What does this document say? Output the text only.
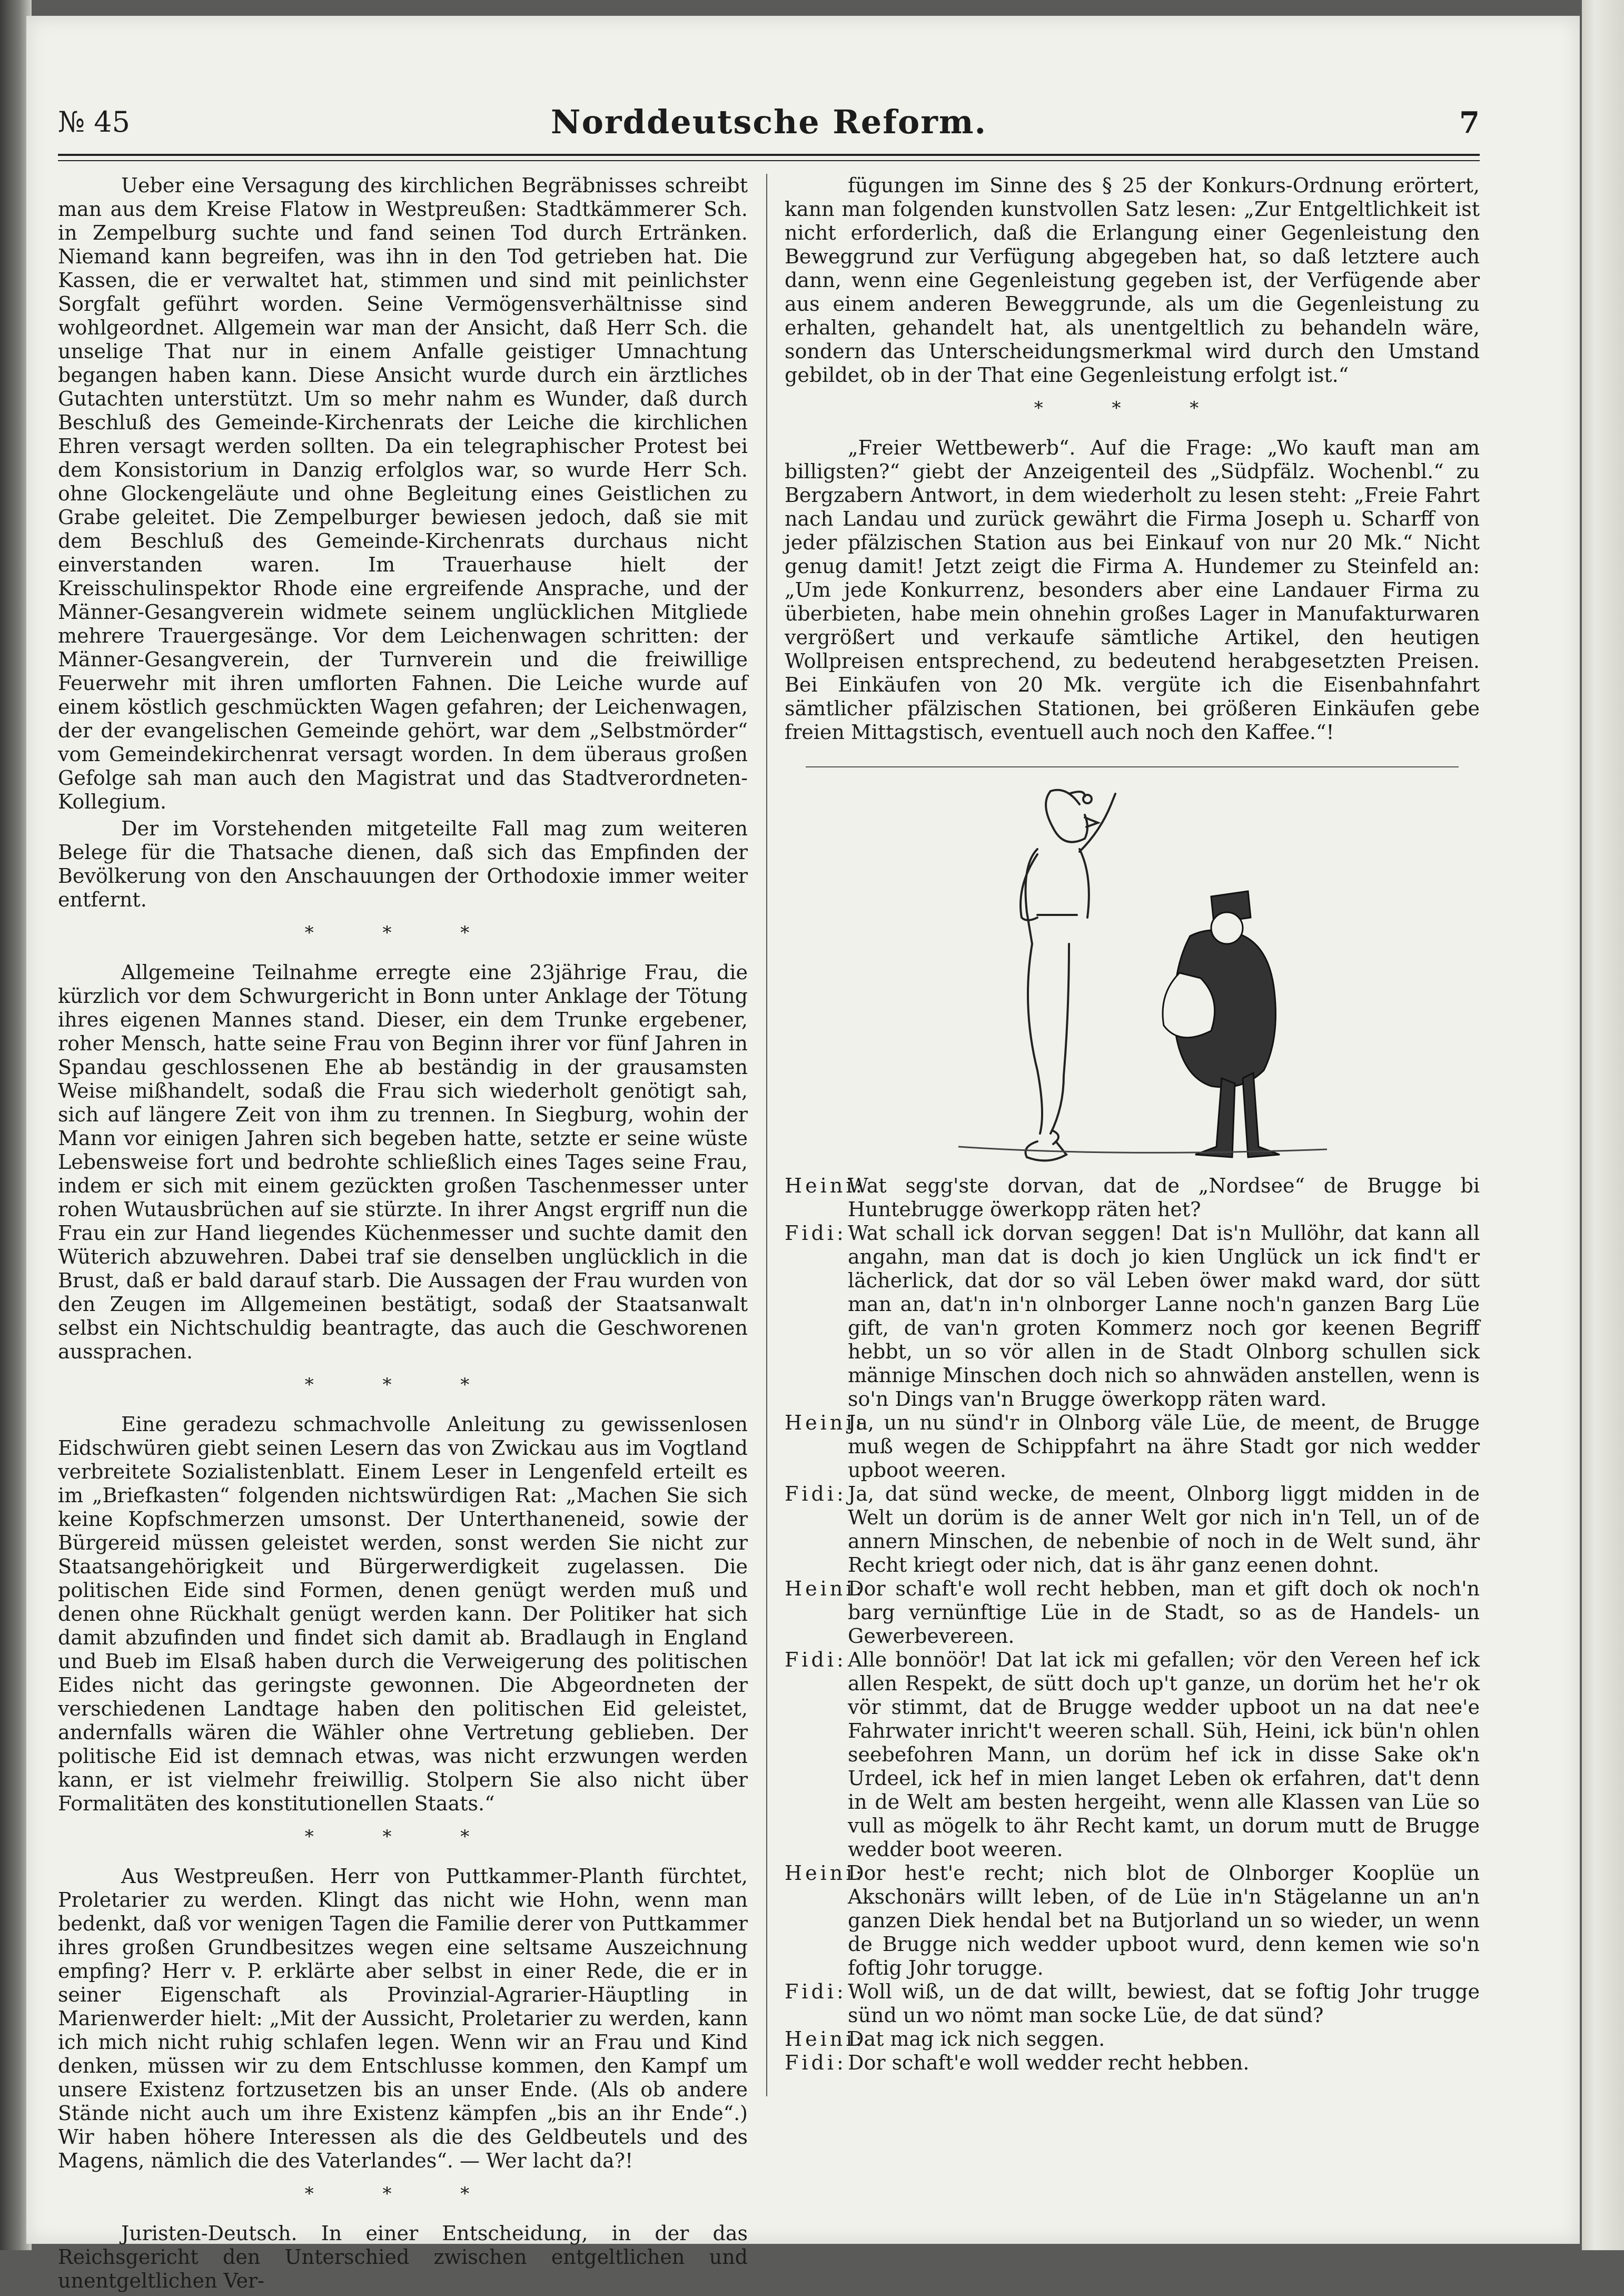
№ 45	Norddeutsche Reform.	7

Ueber eine Versagung des kirchlichen Begräbnisses schreibt man aus dem Kreise Flatow in Westpreußen: Stadtkämmerer Sch. in Zempelburg suchte und fand seinen Tod durch Ertränken. Niemand kann begreifen, was ihn in den Tod getrieben hat. Die Kassen, die er verwaltet hat, stimmen und sind mit peinlichster Sorgfalt geführt worden. Seine Vermögensverhältnisse sind wohlgeordnet. Allgemein war man der Ansicht, daß Herr Sch. die unselige That nur in einem Anfalle geistiger Umnachtung begangen haben kann. Diese Ansicht wurde durch ein ärztliches Gutachten unterstützt. Um so mehr nahm es Wunder, daß durch Beschluß des Gemeinde-Kirchenrats der Leiche die kirchlichen Ehren versagt werden sollten. Da ein telegraphischer Protest bei dem Konsistorium in Danzig erfolglos war, so wurde Herr Sch. ohne Glockengeläute und ohne Begleitung eines Geistlichen zu Grabe geleitet. Die Zempelburger bewiesen jedoch, daß sie mit dem Beschluß des Gemeinde-Kirchenrats durchaus nicht einverstanden waren. Im Trauerhause hielt der Kreisschulinspektor Rhode eine ergreifende Ansprache, und der Männer-Gesangverein widmete seinem unglücklichen Mitgliede mehrere Trauergesänge. Vor dem Leichenwagen schritten: der Männer-Gesangverein, der Turnverein und die freiwillige Feuerwehr mit ihren umflorten Fahnen. Die Leiche wurde auf einem köstlich geschmückten Wagen gefahren; der Leichenwagen, der der evangelischen Gemeinde gehört, war dem „Selbstmörder“ vom Gemeindekirchenrat versagt worden. In dem überaus großen Gefolge sah man auch den Magistrat und das Stadtverordneten-Kollegium.

Der im Vorstehenden mitgeteilte Fall mag zum weiteren Belege für die Thatsache dienen, daß sich das Empfinden der Bevölkerung von den Anschauungen der Orthodoxie immer weiter entfernt.

* * *

Allgemeine Teilnahme erregte eine 23jährige Frau, die kürzlich vor dem Schwurgericht in Bonn unter Anklage der Tötung ihres eigenen Mannes stand. Dieser, ein dem Trunke ergebener, roher Mensch, hatte seine Frau von Beginn ihrer vor fünf Jahren in Spandau geschlossenen Ehe ab beständig in der grausamsten Weise mißhandelt, sodaß die Frau sich wiederholt genötigt sah, sich auf längere Zeit von ihm zu trennen. In Siegburg, wohin der Mann vor einigen Jahren sich begeben hatte, setzte er seine wüste Lebensweise fort und bedrohte schließlich eines Tages seine Frau, indem er sich mit einem gezückten großen Taschenmesser unter rohen Wutausbrüchen auf sie stürzte. In ihrer Angst ergriff nun die Frau ein zur Hand liegendes Küchenmesser und suchte damit den Wüterich abzuwehren. Dabei traf sie denselben unglücklich in die Brust, daß er bald darauf starb. Die Aussagen der Frau wurden von den Zeugen im Allgemeinen bestätigt, sodaß der Staatsanwalt selbst ein Nichtschuldig beantragte, das auch die Geschworenen aussprachen.

* * *

Eine geradezu schmachvolle Anleitung zu gewissenlosen Eidschwüren giebt seinen Lesern das von Zwickau aus im Vogtland verbreitete Sozialistenblatt. Einem Leser in Lengenfeld erteilt es im „Briefkasten“ folgenden nichtswürdigen Rat: „Machen Sie sich keine Kopfschmerzen umsonst. Der Unterthaneneid, sowie der Bürgereid müssen geleistet werden, sonst werden Sie nicht zur Staatsangehörigkeit und Bürgerwerdigkeit zugelassen. Die politischen Eide sind Formen, denen genügt werden muß und denen ohne Rückhalt genügt werden kann. Der Politiker hat sich damit abzufinden und findet sich damit ab. Bradlaugh in England und Bueb im Elsaß haben durch die Verweigerung des politischen Eides nicht das geringste gewonnen. Die Abgeordneten der verschiedenen Landtage haben den politischen Eid geleistet, andernfalls wären die Wähler ohne Vertretung geblieben. Der politische Eid ist demnach etwas, was nicht erzwungen werden kann, er ist vielmehr freiwillig. Stolpern Sie also nicht über Formalitäten des konstitutionellen Staats.“

* * *

Aus Westpreußen. Herr von Puttkammer-Planth fürchtet, Proletarier zu werden. Klingt das nicht wie Hohn, wenn man bedenkt, daß vor wenigen Tagen die Familie derer von Puttkammer ihres großen Grundbesitzes wegen eine seltsame Auszeichnung empfing? Herr v. P. erklärte aber selbst in einer Rede, die er in seiner Eigenschaft als Provinzial-Agrarier-Häuptling in Marienwerder hielt: „Mit der Aussicht, Proletarier zu werden, kann ich mich nicht ruhig schlafen legen. Wenn wir an Frau und Kind denken, müssen wir zu dem Entschlusse kommen, den Kampf um unsere Existenz fortzusetzen bis an unser Ende. (Als ob andere Stände nicht auch um ihre Existenz kämpfen „bis an ihr Ende“.) Wir haben höhere Interessen als die des Geldbeutels und des Magens, nämlich die des Vaterlandes“. — Wer lacht da?!

* * *

Juristen-Deutsch. In einer Entscheidung, in der das Reichsgericht den Unterschied zwischen entgeltlichen und unentgeltlichen Ver-

fügungen im Sinne des § 25 der Konkurs-Ordnung erörtert, kann man folgenden kunstvollen Satz lesen: „Zur Entgeltlichkeit ist nicht erforderlich, daß die Erlangung einer Gegenleistung den Beweggrund zur Verfügung abgegeben hat, so daß letztere auch dann, wenn eine Gegenleistung gegeben ist, der Verfügende aber aus einem anderen Beweggrunde, als um die Gegenleistung zu erhalten, gehandelt hat, als unentgeltlich zu behandeln wäre, sondern das Unterscheidungsmerkmal wird durch den Umstand gebildet, ob in der That eine Gegenleistung erfolgt ist.“

* * *

„Freier Wettbewerb“. Auf die Frage: „Wo kauft man am billigsten?“ giebt der Anzeigenteil des „Südpfälz. Wochenbl.“ zu Bergzabern Antwort, in dem wiederholt zu lesen steht: „Freie Fahrt nach Landau und zurück gewährt die Firma Joseph u. Scharff von jeder pfälzischen Station aus bei Einkauf von nur 20 Mk.“ Nicht genug damit! Jetzt zeigt die Firma A. Hundemer zu Steinfeld an: „Um jede Konkurrenz, besonders aber eine Landauer Firma zu überbieten, habe mein ohnehin großes Lager in Manufakturwaren vergrößert und verkaufe sämtliche Artikel, den heutigen Wollpreisen entsprechend, zu bedeutend herabgesetzten Preisen. Bei Einkäufen von 20 Mk. vergüte ich die Eisenbahnfahrt sämtlicher pfälzischen Stationen, bei größeren Einkäufen gebe freien Mittagstisch, eventuell auch noch den Kaffee.“!

Heini:
Wat segg'ste dorvan, dat de „Nordsee“ de Brugge bi Huntebrugge öwerkopp räten het?

Fidi: Wat schall ick dorvan seggen! Dat is'n Mullöhr, dat kann all angahn, man dat is doch jo kien Unglück un ick find't er lächerlick, dat dor so väl Leben öwer makd ward, dor sütt man an, dat'n in'n olnborger Lanne noch'n ganzen Barg Lüe gift, de van'n groten Kommerz noch gor keenen Begriff hebbt, un so vör allen in de Stadt Olnborg schullen sick männige Minschen doch nich so ahnwäden anstellen, wenn is so'n Dings van'n Brugge öwerkopp räten ward.

Heini:
Ja, un nu sünd'r in Olnborg väle Lüe, de meent, de Brugge muß wegen de Schippfahrt na ähre Stadt gor nich wedder upboot weeren.

Fidi: Ja, dat sünd wecke, de meent, Olnborg liggt midden in de Welt un dorüm is de anner Welt gor nich in'n Tell, un of de annern Minschen, de nebenbie of noch in de Welt sund, ähr Recht kriegt oder nich, dat is ähr ganz eenen dohnt.

Heini:
Dor schaft'e woll recht hebben, man et gift doch ok noch'n barg vernünftige Lüe in de Stadt, so as de Handels- un Gewerbevereen.

Fidi: Alle bonnöör! Dat lat ick mi gefallen; vör den Vereen hef ick allen Respekt, de sütt doch up't ganze, un dorüm het he'r ok vör stimmt, dat de Brugge wedder upboot un na dat nee'e Fahrwater inricht't weeren schall. Süh, Heini, ick bün'n ohlen seebefohren Mann, un dorüm hef ick in disse Sake ok'n Urdeel, ick hef in mien langet Leben ok erfahren, dat't denn in de Welt am besten hergeiht, wenn alle Klassen van Lüe so vull as mögelk to ähr Recht kamt, un dorum mutt de Brugge wedder boot weeren.

Heini:
Dor hest'e recht; nich blot de Olnborger Kooplüe un Akschonärs willt leben, of de Lüe in'n Stägelanne un an'n ganzen Diek hendal bet na Butjorland un so wieder, un wenn de Brugge nich wedder upboot wurd, denn kemen wie so'n foftig Johr torugge.

Fidi: Woll wiß, un de dat willt, bewiest, dat se foftig Johr trugge sünd un wo nömt man socke Lüe, de dat sünd?

Heini:
Dat mag ick nich seggen.

Fidi: Dor schaft'e woll wedder recht hebben.
